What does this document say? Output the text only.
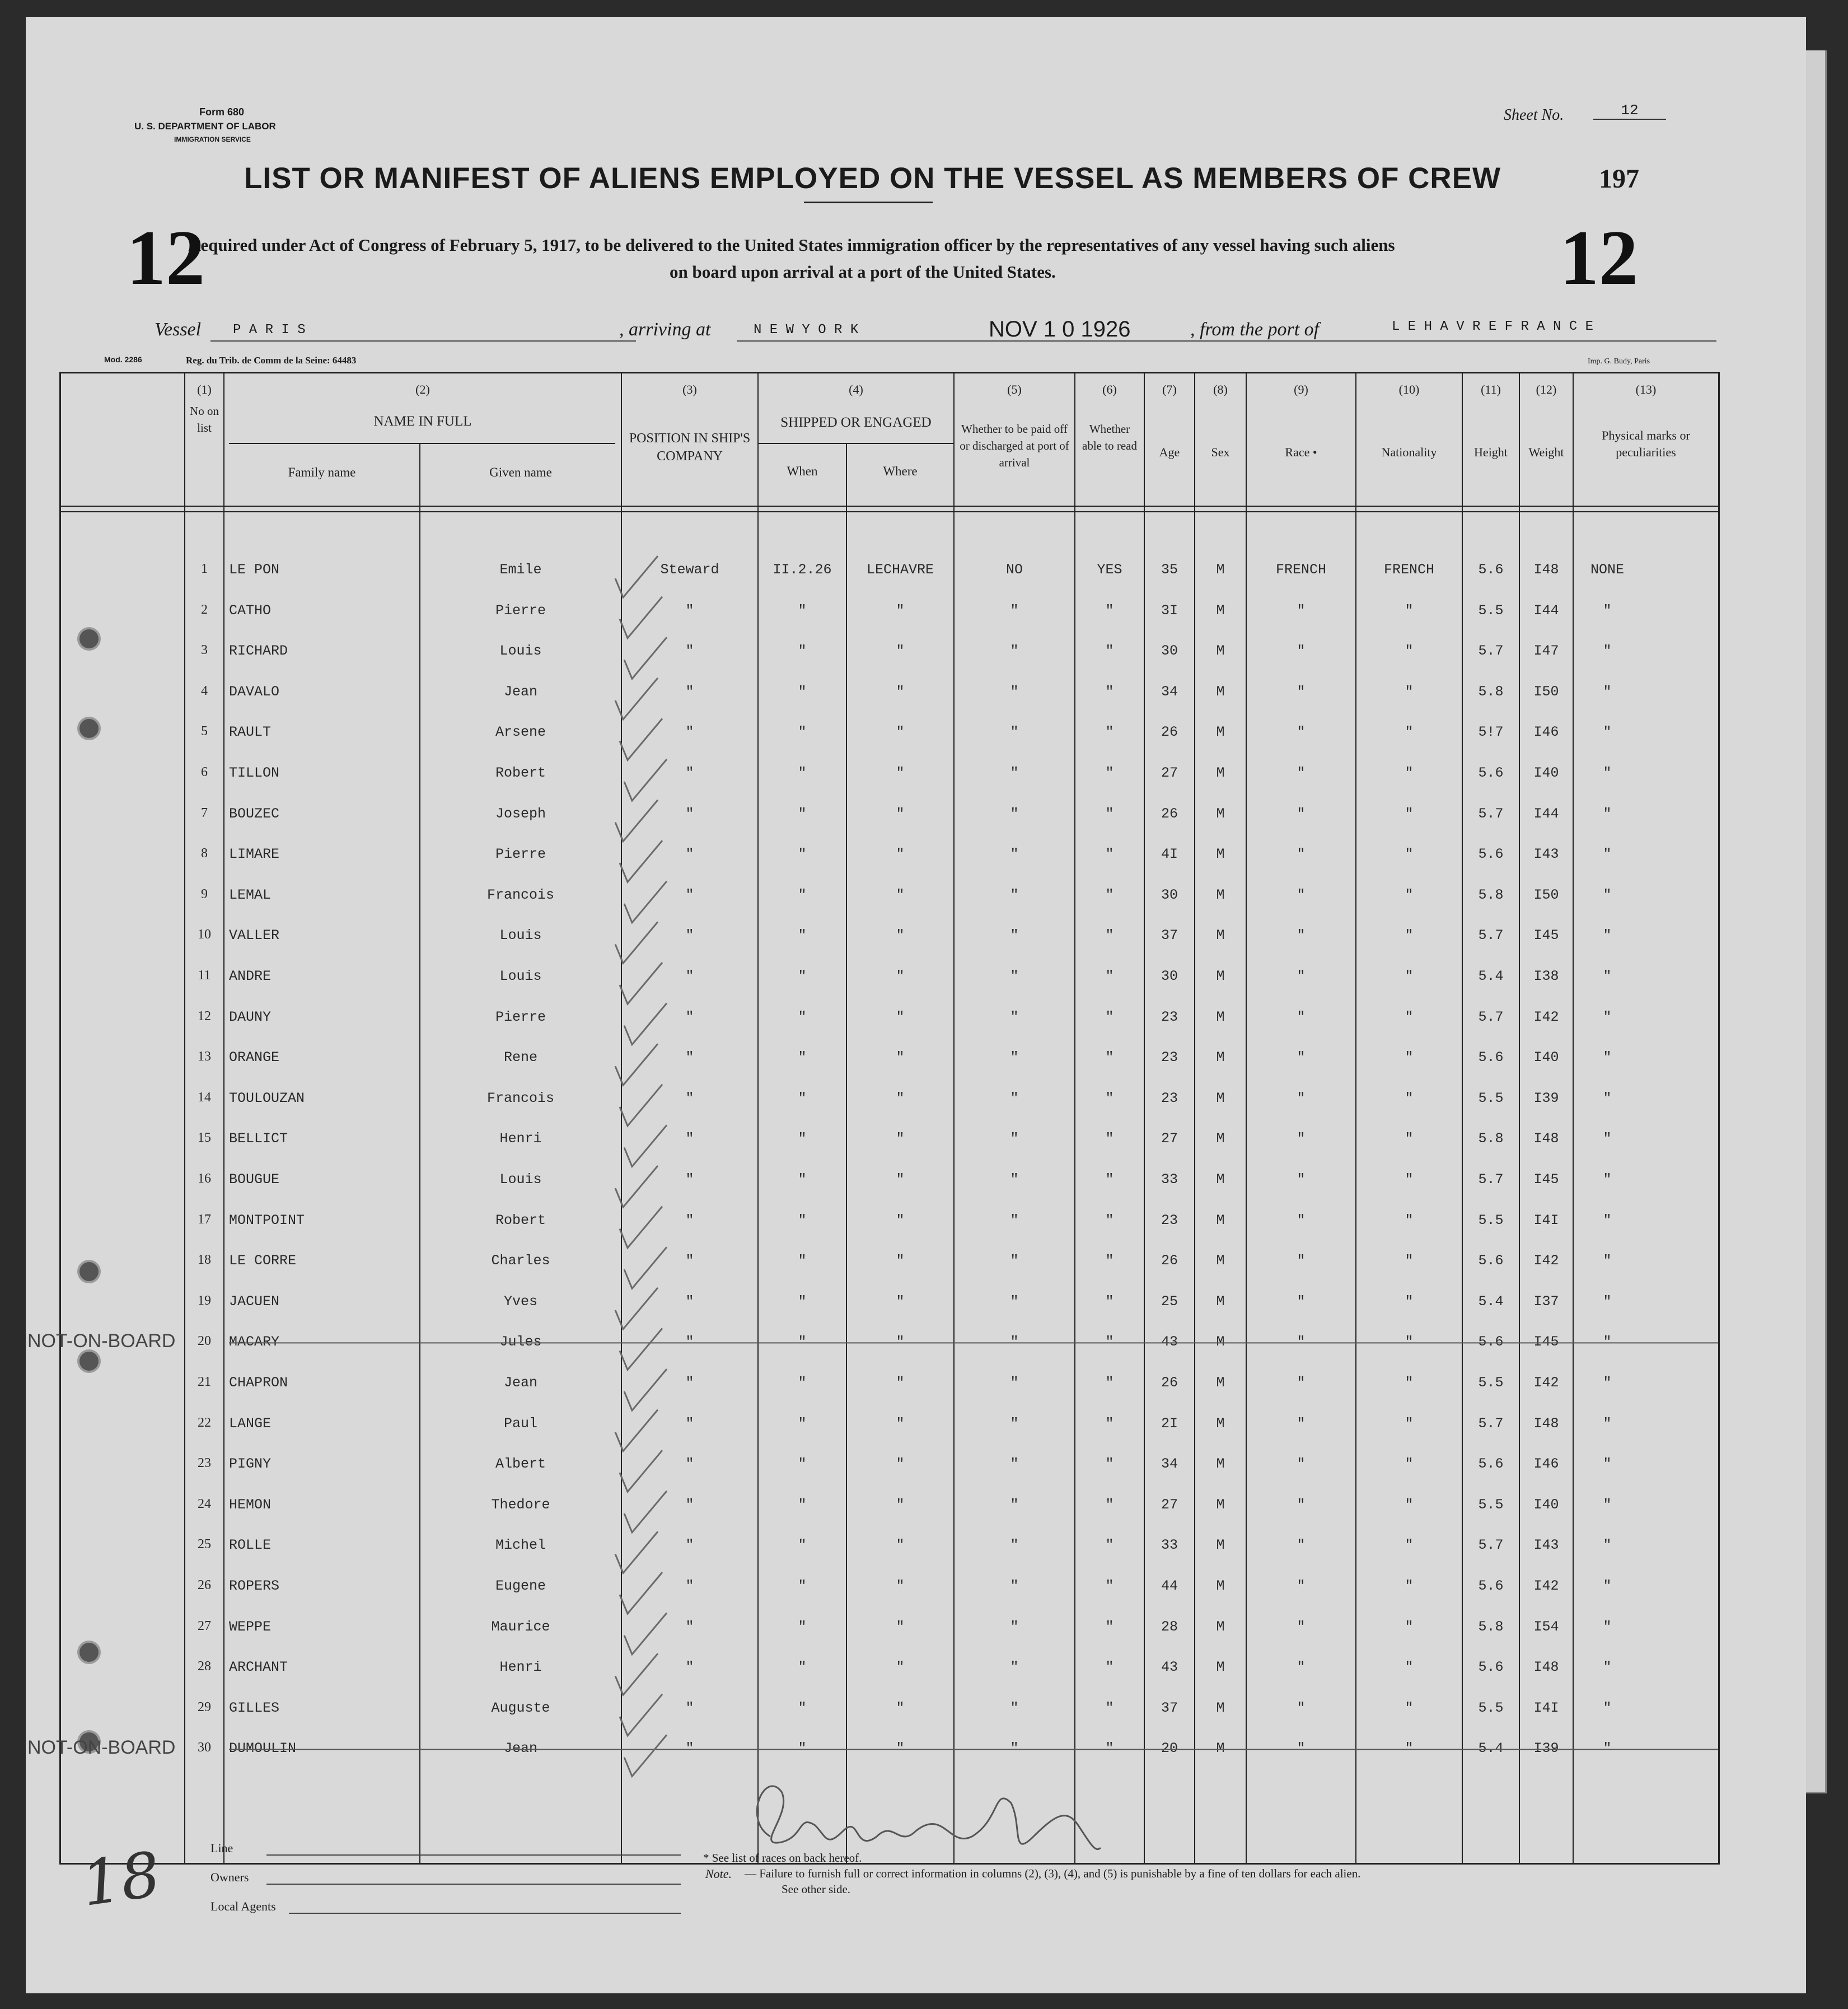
Form 680
U. S. DEPARTMENT OF LABOR
IMMIGRATION SERVICE
Sheet No.	12
LIST OR MANIFEST OF ALIENS EMPLOYED ON THE VESSEL AS MEMBERS OF CREW	197
Required under Act of Congress of February 5, 1917, to be delivered to the United States immigration officer by the representatives of any vessel having such aliens
on board upon arrival at a port of the United States.
12	12
Vessel P A R I S	, arriving at	N E W Y O R K	NOV 1 0 1926	, from the port of	L E H A V R E F R A N C E
Mod. 2286	Reg. du Trib. de Comm de la Seine: 64483	Imp. G. Budy, Paris
(1)
No on list
(2)
NAME IN FULL
Family name	Given name
(3)
POSITION IN SHIP'S COMPANY
(4)
SHIPPED OR ENGAGED
When	Where
(5)
Whether to be paid off or discharged at port of arrival
(6)
Whether able to read
(7)
Age
(8)
Sex
(9)
Race •
(10)
Nationality
(11)
Height
(12)
Weight
(13)
Physical marks or peculiarities
1	LE PON	Emile	Steward	II.2.26	LECHAVRE	NO	YES	35	M	FRENCH	FRENCH	5.6	I48	NONE
2	CATHO	Pierre	"	"	"	"	"	3I	M	"	"	5.5	I44	"
3	RICHARD	Louis	"	"	"	"	"	30	M	"	"	5.7	I47	"
4	DAVALO	Jean	"	"	"	"	"	34	M	"	"	5.8	I50	"
5	RAULT	Arsene	"	"	"	"	"	26	M	"	"	5!7	I46	"
6	TILLON	Robert	"	"	"	"	"	27	M	"	"	5.6	I40	"
7	BOUZEC	Joseph	"	"	"	"	"	26	M	"	"	5.7	I44	"
8	LIMARE	Pierre	"	"	"	"	"	4I	M	"	"	5.6	I43	"
9	LEMAL	Francois	"	"	"	"	"	30	M	"	"	5.8	I50	"
10	VALLER	Louis	"	"	"	"	"	37	M	"	"	5.7	I45	"
11	ANDRE	Louis	"	"	"	"	"	30	M	"	"	5.4	I38	"
12	DAUNY	Pierre	"	"	"	"	"	23	M	"	"	5.7	I42	"
13	ORANGE	Rene	"	"	"	"	"	23	M	"	"	5.6	I40	"
14	TOULOUZAN	Francois	"	"	"	"	"	23	M	"	"	5.5	I39	"
15	BELLICT	Henri	"	"	"	"	"	27	M	"	"	5.8	I48	"
16	BOUGUE	Louis	"	"	"	"	"	33	M	"	"	5.7	I45	"
17	MONTPOINT	Robert	"	"	"	"	"	23	M	"	"	5.5	I4I	"
18	LE CORRE	Charles	"	"	"	"	"	26	M	"	"	5.6	I42	"
19	JACUEN	Yves	"	"	"	"	"	25	M	"	"	5.4	I37	"
20	MACARY	Jules	"	"	"	"	"	43	M	"	"	5.6	I45	"
NOT-ON-BOARD
21	CHAPRON	Jean	"	"	"	"	"	26	M	"	"	5.5	I42	"
22	LANGE	Paul	"	"	"	"	"	2I	M	"	"	5.7	I48	"
23	PIGNY	Albert	"	"	"	"	"	34	M	"	"	5.6	I46	"
24	HEMON	Thedore	"	"	"	"	"	27	M	"	"	5.5	I40	"
25	ROLLE	Michel	"	"	"	"	"	33	M	"	"	5.7	I43	"
26	ROPERS	Eugene	"	"	"	"	"	44	M	"	"	5.6	I42	"
27	WEPPE	Maurice	"	"	"	"	"	28	M	"	"	5.8	I54	"
28	ARCHANT	Henri	"	"	"	"	"	43	M	"	"	5.6	I48	"
29	GILLES	Auguste	"	"	"	"	"	37	M	"	"	5.5	I4I	"
30	DUMOULIN	Jean	"	"	"	"	"	20	M	"	"	5.4	I39	"
NOT-ON-BOARD
Line
Owners
Local Agents
* See list of races on back hereof.
Note. — Failure to furnish full or correct information in columns (2), (3), (4), and (5) is punishable by a fine of ten dollars for each alien.
See other side.
18
